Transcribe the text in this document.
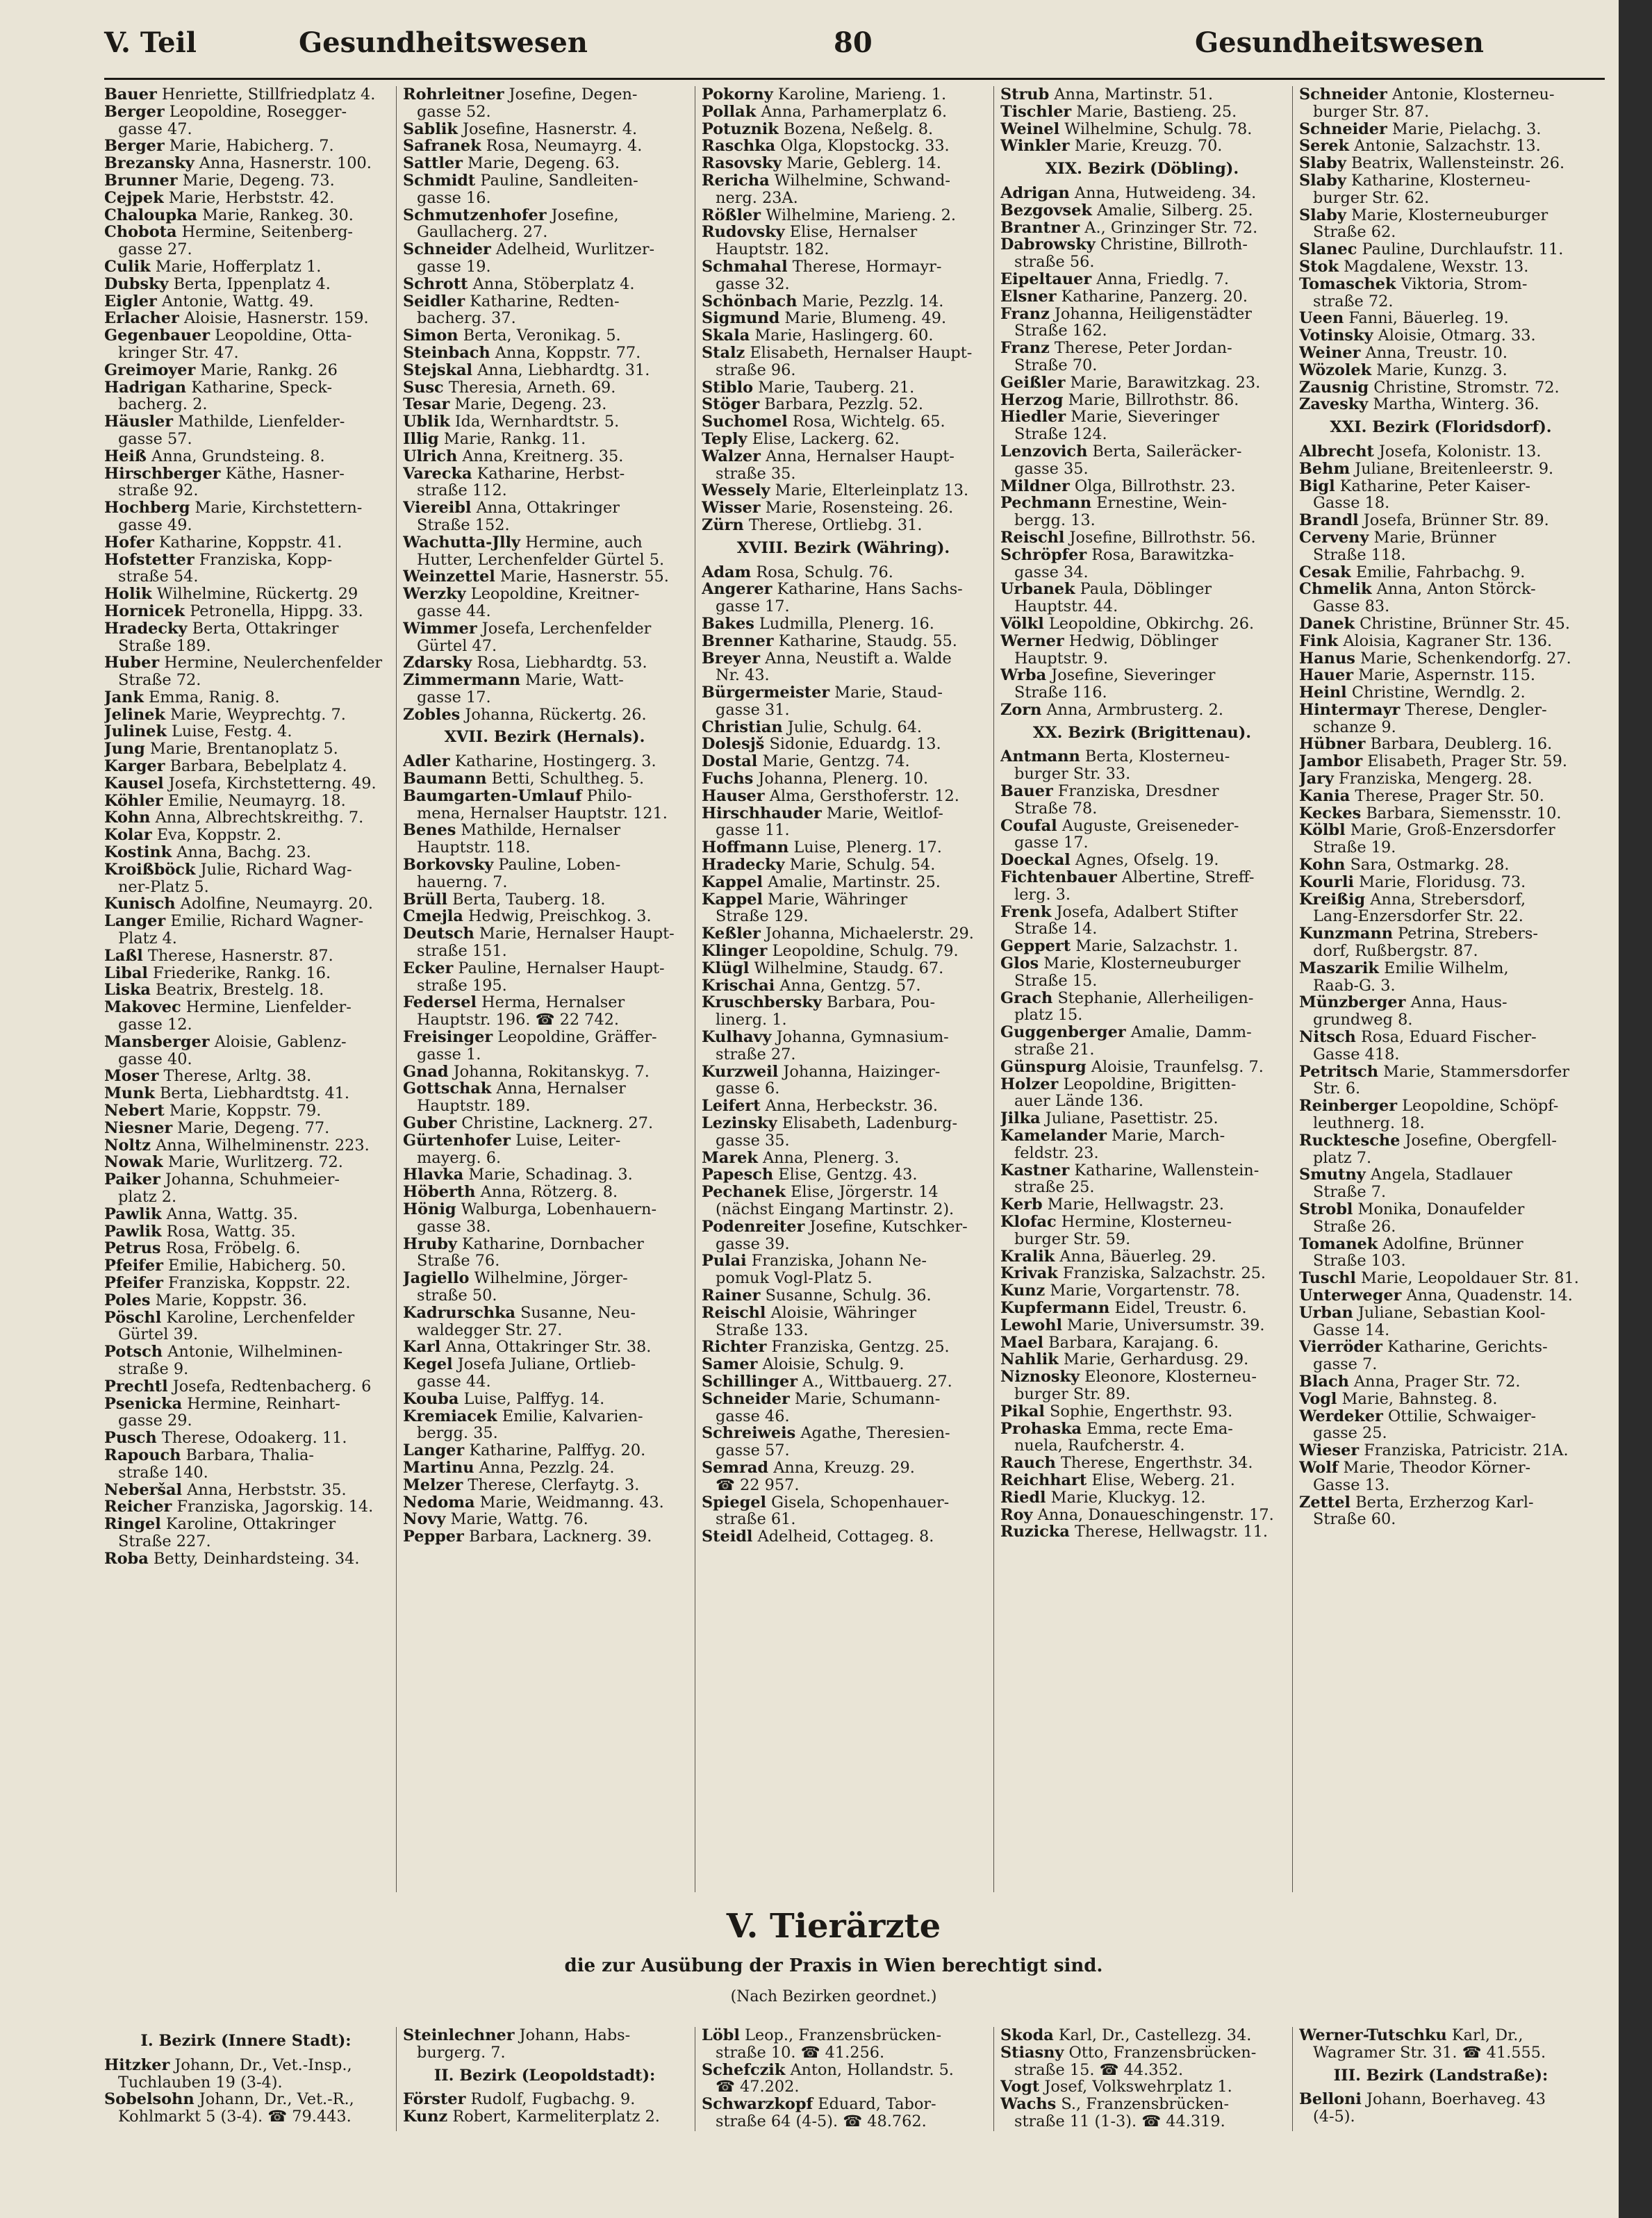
V. Teil	Gesundheitswesen	80	Gesundheitswesen
Bauer Henriette, Stillfriedplatz 4.
Berger Leopoldine, Rosegger-
gasse 47.
Berger Marie, Habicherg. 7.
Brezansky Anna, Hasnerstr. 100.
Brunner Marie, Degeng. 73.
Cejpek Marie, Herbststr. 42.
Chaloupka Marie, Rankeg. 30.
Chobota Hermine, Seitenberg-
gasse 27.
Culik Marie, Hofferplatz 1.
Dubsky Berta, Ippenplatz 4.
Eigler Antonie, Wattg. 49.
Erlacher Aloisie, Hasnerstr. 159.
Gegenbauer Leopoldine, Otta-
kringer Str. 47.
Greimoyer Marie, Rankg. 26
Hadrigan Katharine, Speck-
bacherg. 2.
Häusler Mathilde, Lienfelder-
gasse 57.
Heiß Anna, Grundsteing. 8.
Hirschberger Käthe, Hasner-
straße 92.
Hochberg Marie, Kirchstettern-
gasse 49.
Hofer Katharine, Koppstr. 41.
Hofstetter Franziska, Kopp-
straße 54.
Holik Wilhelmine, Rückertg. 29
Hornicek Petronella, Hippg. 33.
Hradecky Berta, Ottakringer
Straße 189.
Huber Hermine, Neulerchenfelder
Straße 72.
Jank Emma, Ranig. 8.
Jelinek Marie, Weyprechtg. 7.
Julinek Luise, Festg. 4.
Jung Marie, Brentanoplatz 5.
Karger Barbara, Bebelplatz 4.
Kausel Josefa, Kirchstetterng. 49.
Köhler Emilie, Neumayrg. 18.
Kohn Anna, Albrechtskreithg. 7.
Kolar Eva, Koppstr. 2.
Kostink Anna, Bachg. 23.
Kroißböck Julie, Richard Wag-
ner-Platz 5.
Kunisch Adolfine, Neumayrg. 20.
Langer Emilie, Richard Wagner-
Platz 4.
Laßl Therese, Hasnerstr. 87.
Libal Friederike, Rankg. 16.
Liska Beatrix, Brestelg. 18.
Makovec Hermine, Lienfelder-
gasse 12.
Mansberger Aloisie, Gablenz-
gasse 40.
Moser Therese, Arltg. 38.
Munk Berta, Liebhardtstg. 41.
Nebert Marie, Koppstr. 79.
Niesner Marie, Degeng. 77.
Noltz Anna, Wilhelminenstr. 223.
Nowak Marie, Wurlitzerg. 72.
Paiker Johanna, Schuhmeier-
platz 2.
Pawlik Anna, Wattg. 35.
Pawlik Rosa, Wattg. 35.
Petrus Rosa, Fröbelg. 6.
Pfeifer Emilie, Habicherg. 50.
Pfeifer Franziska, Koppstr. 22.
Poles Marie, Koppstr. 36.
Pöschl Karoline, Lerchenfelder
Gürtel 39.
Potsch Antonie, Wilhelminen-
straße 9.
Prechtl Josefa, Redtenbacherg. 6
Psenicka Hermine, Reinhart-
gasse 29.
Pusch Therese, Odoakerg. 11.
Rapouch Barbara, Thalia-
straße 140.
Neberšal Anna, Herbststr. 35.
Reicher Franziska, Jagorskig. 14.
Ringel Karoline, Ottakringer
Straße 227.
Roba Betty, Deinhardsteing. 34.
Rohrleitner Josefine, Degen-
gasse 52.
Sablik Josefine, Hasnerstr. 4.
Safranek Rosa, Neumayrg. 4.
Sattler Marie, Degeng. 63.
Schmidt Pauline, Sandleiten-
gasse 16.
Schmutzenhofer Josefine,
Gaullacherg. 27.
Schneider Adelheid, Wurlitzer-
gasse 19.
Schrott Anna, Stöberplatz 4.
Seidler Katharine, Redten-
bacherg. 37.
Simon Berta, Veronikag. 5.
Steinbach Anna, Koppstr. 77.
Stejskal Anna, Liebhardtg. 31.
Susc Theresia, Arneth. 69.
Tesar Marie, Degeng. 23.
Ublik Ida, Wernhardtstr. 5.
Illig Marie, Rankg. 11.
Ulrich Anna, Kreitnerg. 35.
Varecka Katharine, Herbst-
straße 112.
Viereibl Anna, Ottakringer
Straße 152.
Wachutta-Jlly Hermine, auch
Hutter, Lerchenfelder Gürtel 5.
Weinzettel Marie, Hasnerstr. 55.
Werzky Leopoldine, Kreitner-
gasse 44.
Wimmer Josefa, Lerchenfelder
Gürtel 47.
Zdarsky Rosa, Liebhardtg. 53.
Zimmermann Marie, Watt-
gasse 17.
Zobles Johanna, Rückertg. 26.
XVII. Bezirk (Hernals).
Adler Katharine, Hostingerg. 3.
Baumann Betti, Schultheg. 5.
Baumgarten-Umlauf Philo-
mena, Hernalser Hauptstr. 121.
Benes Mathilde, Hernalser
Hauptstr. 118.
Borkovsky Pauline, Loben-
hauerng. 7.
Brüll Berta, Tauberg. 18.
Cmejla Hedwig, Preischkog. 3.
Deutsch Marie, Hernalser Haupt-
straße 151.
Ecker Pauline, Hernalser Haupt-
straße 195.
Federsel Herma, Hernalser
Hauptstr. 196. ☎ 22 742.
Freisinger Leopoldine, Gräffer-
gasse 1.
Gnad Johanna, Rokitanskyg. 7.
Gottschak Anna, Hernalser
Hauptstr. 189.
Guber Christine, Lacknerg. 27.
Gürtenhofer Luise, Leiter-
mayerg. 6.
Hlavka Marie, Schadinag. 3.
Höberth Anna, Rötzerg. 8.
Hönig Walburga, Lobenhauern-
gasse 38.
Hruby Katharine, Dornbacher
Straße 76.
Jagiello Wilhelmine, Jörger-
straße 50.
Kadrurschka Susanne, Neu-
waldegger Str. 27.
Karl Anna, Ottakringer Str. 38.
Kegel Josefa Juliane, Ortlieb-
gasse 44.
Kouba Luise, Palffyg. 14.
Kremiacek Emilie, Kalvarien-
bergg. 35.
Langer Katharine, Palffyg. 20.
Martinu Anna, Pezzlg. 24.
Melzer Therese, Clerfaytg. 3.
Nedoma Marie, Weidmanng. 43.
Novy Marie, Wattg. 76.
Pepper Barbara, Lacknerg. 39.
Pokorny Karoline, Marieng. 1.
Pollak Anna, Parhamerplatz 6.
Potuznik Bozena, Neßelg. 8.
Raschka Olga, Klopstockg. 33.
Rasovsky Marie, Geblerg. 14.
Rericha Wilhelmine, Schwand-
nerg. 23A.
Rößler Wilhelmine, Marieng. 2.
Rudovsky Elise, Hernalser
Hauptstr. 182.
Schmahal Therese, Hormayr-
gasse 32.
Schönbach Marie, Pezzlg. 14.
Sigmund Marie, Blumeng. 49.
Skala Marie, Haslingerg. 60.
Stalz Elisabeth, Hernalser Haupt-
straße 96.
Stiblo Marie, Tauberg. 21.
Stöger Barbara, Pezzlg. 52.
Suchomel Rosa, Wichtelg. 65.
Teply Elise, Lackerg. 62.
Walzer Anna, Hernalser Haupt-
straße 35.
Wessely Marie, Elterleinplatz 13.
Wisser Marie, Rosensteing. 26.
Zürn Therese, Ortliebg. 31.
XVIII. Bezirk (Währing).
Adam Rosa, Schulg. 76.
Angerer Katharine, Hans Sachs-
gasse 17.
Bakes Ludmilla, Plenerg. 16.
Brenner Katharine, Staudg. 55.
Breyer Anna, Neustift a. Walde
Nr. 43.
Bürgermeister Marie, Staud-
gasse 31.
Christian Julie, Schulg. 64.
Dolesjš Sidonie, Eduardg. 13.
Dostal Marie, Gentzg. 74.
Fuchs Johanna, Plenerg. 10.
Hauser Alma, Gersthoferstr. 12.
Hirschhauder Marie, Weitlof-
gasse 11.
Hoffmann Luise, Plenerg. 17.
Hradecky Marie, Schulg. 54.
Kappel Amalie, Martinstr. 25.
Kappel Marie, Währinger
Straße 129.
Keßler Johanna, Michaelerstr. 29.
Klinger Leopoldine, Schulg. 79.
Klügl Wilhelmine, Staudg. 67.
Krischai Anna, Gentzg. 57.
Kruschbersky Barbara, Pou-
linerg. 1.
Kulhavy Johanna, Gymnasium-
straße 27.
Kurzweil Johanna, Haizinger-
gasse 6.
Leifert Anna, Herbeckstr. 36.
Lezinsky Elisabeth, Ladenburg-
gasse 35.
Marek Anna, Plenerg. 3.
Papesch Elise, Gentzg. 43.
Pechanek Elise, Jörgerstr. 14
(nächst Eingang Martinstr. 2).
Podenreiter Josefine, Kutschker-
gasse 39.
Pulai Franziska, Johann Ne-
pomuk Vogl-Platz 5.
Rainer Susanne, Schulg. 36.
Reischl Aloisie, Währinger
Straße 133.
Richter Franziska, Gentzg. 25.
Samer Aloisie, Schulg. 9.
Schillinger A., Wittbauerg. 27.
Schneider Marie, Schumann-
gasse 46.
Schreiweis Agathe, Theresien-
gasse 57.
Semrad Anna, Kreuzg. 29.
☎ 22 957.
Spiegel Gisela, Schopenhauer-
straße 61.
Steidl Adelheid, Cottageg. 8.
Strub Anna, Martinstr. 51.
Tischler Marie, Bastieng. 25.
Weinel Wilhelmine, Schulg. 78.
Winkler Marie, Kreuzg. 70.
XIX. Bezirk (Döbling).
Adrigan Anna, Hutweideng. 34.
Bezgovsek Amalie, Silberg. 25.
Brantner A., Grinzinger Str. 72.
Dabrowsky Christine, Billroth-
straße 56.
Eipeltauer Anna, Friedlg. 7.
Elsner Katharine, Panzerg. 20.
Franz Johanna, Heiligenstädter
Straße 162.
Franz Therese, Peter Jordan-
Straße 70.
Geißler Marie, Barawitzkag. 23.
Herzog Marie, Billrothstr. 86.
Hiedler Marie, Sieveringer
Straße 124.
Lenzovich Berta, Saileräcker-
gasse 35.
Mildner Olga, Billrothstr. 23.
Pechmann Ernestine, Wein-
bergg. 13.
Reischl Josefine, Billrothstr. 56.
Schröpfer Rosa, Barawitzka-
gasse 34.
Urbanek Paula, Döblinger
Hauptstr. 44.
Völkl Leopoldine, Obkirchg. 26.
Werner Hedwig, Döblinger
Hauptstr. 9.
Wrba Josefine, Sieveringer
Straße 116.
Zorn Anna, Armbrusterg. 2.
XX. Bezirk (Brigittenau).
Antmann Berta, Klosterneu-
burger Str. 33.
Bauer Franziska, Dresdner
Straße 78.
Coufal Auguste, Greiseneder-
gasse 17.
Doeckal Agnes, Ofselg. 19.
Fichtenbauer Albertine, Streff-
lerg. 3.
Frenk Josefa, Adalbert Stifter
Straße 14.
Geppert Marie, Salzachstr. 1.
Glos Marie, Klosterneuburger
Straße 15.
Grach Stephanie, Allerheiligen-
platz 15.
Guggenberger Amalie, Damm-
straße 21.
Günspurg Aloisie, Traunfelsg. 7.
Holzer Leopoldine, Brigitten-
auer Lände 136.
Jilka Juliane, Pasettistr. 25.
Kamelander Marie, March-
feldstr. 23.
Kastner Katharine, Wallenstein-
straße 25.
Kerb Marie, Hellwagstr. 23.
Klofac Hermine, Klosterneu-
burger Str. 59.
Kralik Anna, Bäuerleg. 29.
Krivak Franziska, Salzachstr. 25.
Kunz Marie, Vorgartenstr. 78.
Kupfermann Eidel, Treustr. 6.
Lewohl Marie, Universumstr. 39.
Mael Barbara, Karajang. 6.
Nahlik Marie, Gerhardusg. 29.
Niznosky Eleonore, Klosterneu-
burger Str. 89.
Pikal Sophie, Engerthstr. 93.
Prohaska Emma, recte Ema-
nuela, Raufcherstr. 4.
Rauch Therese, Engerthstr. 34.
Reichhart Elise, Weberg. 21.
Riedl Marie, Kluckyg. 12.
Roy Anna, Donaueschingenstr. 17.
Ruzicka Therese, Hellwagstr. 11.
Schneider Antonie, Klosterneu-
burger Str. 87.
Schneider Marie, Pielachg. 3.
Serek Antonie, Salzachstr. 13.
Slaby Beatrix, Wallensteinstr. 26.
Slaby Katharine, Klosterneu-
burger Str. 62.
Slaby Marie, Klosterneuburger
Straße 62.
Slanec Pauline, Durchlaufstr. 11.
Stok Magdalene, Wexstr. 13.
Tomaschek Viktoria, Strom-
straße 72.
Ueen Fanni, Bäuerleg. 19.
Votinsky Aloisie, Otmarg. 33.
Weiner Anna, Treustr. 10.
Wözolek Marie, Kunzg. 3.
Zausnig Christine, Stromstr. 72.
Zavesky Martha, Winterg. 36.
XXI. Bezirk (Floridsdorf).
Albrecht Josefa, Kolonistr. 13.
Behm Juliane, Breitenleerstr. 9.
Bigl Katharine, Peter Kaiser-
Gasse 18.
Brandl Josefa, Brünner Str. 89.
Cerveny Marie, Brünner
Straße 118.
Cesak Emilie, Fahrbachg. 9.
Chmelik Anna, Anton Störck-
Gasse 83.
Danek Christine, Brünner Str. 45.
Fink Aloisia, Kagraner Str. 136.
Hanus Marie, Schenkendorfg. 27.
Hauer Marie, Aspernstr. 115.
Heinl Christine, Werndlg. 2.
Hintermayr Therese, Dengler-
schanze 9.
Hübner Barbara, Deublerg. 16.
Jambor Elisabeth, Prager Str. 59.
Jary Franziska, Mengerg. 28.
Kania Therese, Prager Str. 50.
Keckes Barbara, Siemensstr. 10.
Kölbl Marie, Groß-Enzersdorfer
Straße 19.
Kohn Sara, Ostmarkg. 28.
Kourli Marie, Floridusg. 73.
Kreißig Anna, Strebersdorf,
Lang-Enzersdorfer Str. 22.
Kunzmann Petrina, Strebers-
dorf, Rußbergstr. 87.
Maszarik Emilie Wilhelm,
Raab-G. 3.
Münzberger Anna, Haus-
grundweg 8.
Nitsch Rosa, Eduard Fischer-
Gasse 418.
Petritsch Marie, Stammersdorfer
Str. 6.
Reinberger Leopoldine, Schöpf-
leuthnerg. 18.
Rucktesche Josefine, Obergfell-
platz 7.
Smutny Angela, Stadlauer
Straße 7.
Strobl Monika, Donaufelder
Straße 26.
Tomanek Adolfine, Brünner
Straße 103.
Tuschl Marie, Leopoldauer Str. 81.
Unterweger Anna, Quadenstr. 14.
Urban Juliane, Sebastian Kool-
Gasse 14.
Vierröder Katharine, Gerichts-
gasse 7.
Blach Anna, Prager Str. 72.
Vogl Marie, Bahnsteg. 8.
Werdeker Ottilie, Schwaiger-
gasse 25.
Wieser Franziska, Patricistr. 21A.
Wolf Marie, Theodor Körner-
Gasse 13.
Zettel Berta, Erzherzog Karl-
Straße 60.
V. Tierärzte
die zur Ausübung der Praxis in Wien berechtigt sind.
(Nach Bezirken geordnet.)
I. Bezirk (Innere Stadt):
Hitzker Johann, Dr., Vet.-Insp.,
Tuchlauben 19 (3-4).
Sobelsohn Johann, Dr., Vet.-R.,
Kohlmarkt 5 (3-4). ☎ 79.443.
Steinlechner Johann, Habs-
burgerg. 7.
II. Bezirk (Leopoldstadt):
Förster Rudolf, Fugbachg. 9.
Kunz Robert, Karmeliterplatz 2.
Löbl Leop., Franzensbrücken-
straße 10. ☎ 41.256.
Schefczik Anton, Hollandstr. 5.
☎ 47.202.
Schwarzkopf Eduard, Tabor-
straße 64 (4-5). ☎ 48.762.
Skoda Karl, Dr., Castellezg. 34.
Stiasny Otto, Franzensbrücken-
straße 15. ☎ 44.352.
Vogt Josef, Volkswehrplatz 1.
Wachs S., Franzensbrücken-
straße 11 (1-3). ☎ 44.319.
Werner-Tutschku Karl, Dr.,
Wagramer Str. 31. ☎ 41.555.
III. Bezirk (Landstraße):
Belloni Johann, Boerhaveg. 43
(4-5).
